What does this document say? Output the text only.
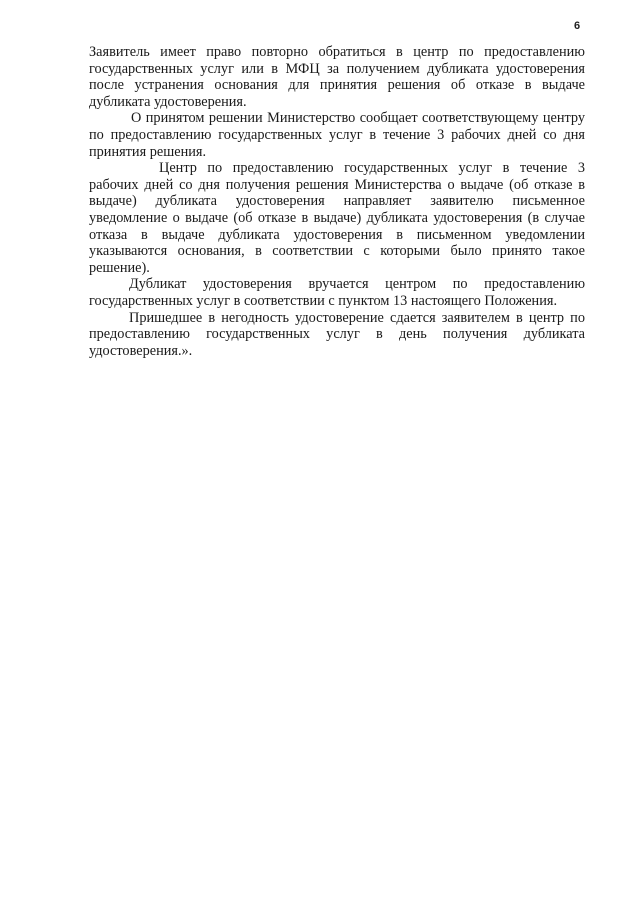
6

Заявитель имеет право повторно обратиться в центр по предоставлению государственных услуг или в МФЦ за получением дубликата удостоверения после устранения основания для принятия решения об отказе в выдаче дубликата удостоверения.

О принятом решении Министерство сообщает соответствующему центру по предоставлению государственных услуг в течение 3 рабочих дней со дня принятия решения.

Центр по предоставлению государственных услуг в течение 3 рабочих дней со дня получения решения Министерства о выдаче (об отказе в выдаче) дубликата удостоверения направляет заявителю письменное уведомление о выдаче (об отказе в выдаче) дубликата удостоверения (в случае отказа в выдаче дубликата удостоверения в письменном уведомлении указываются основания, в соответствии с которыми было принято такое решение).

Дубликат удостоверения вручается центром по предоставлению государственных услуг в соответствии с пунктом 13 настоящего Положения.

Пришедшее в негодность удостоверение сдается заявителем в центр по предоставлению государственных услуг в день получения дубликата удостоверения.».
